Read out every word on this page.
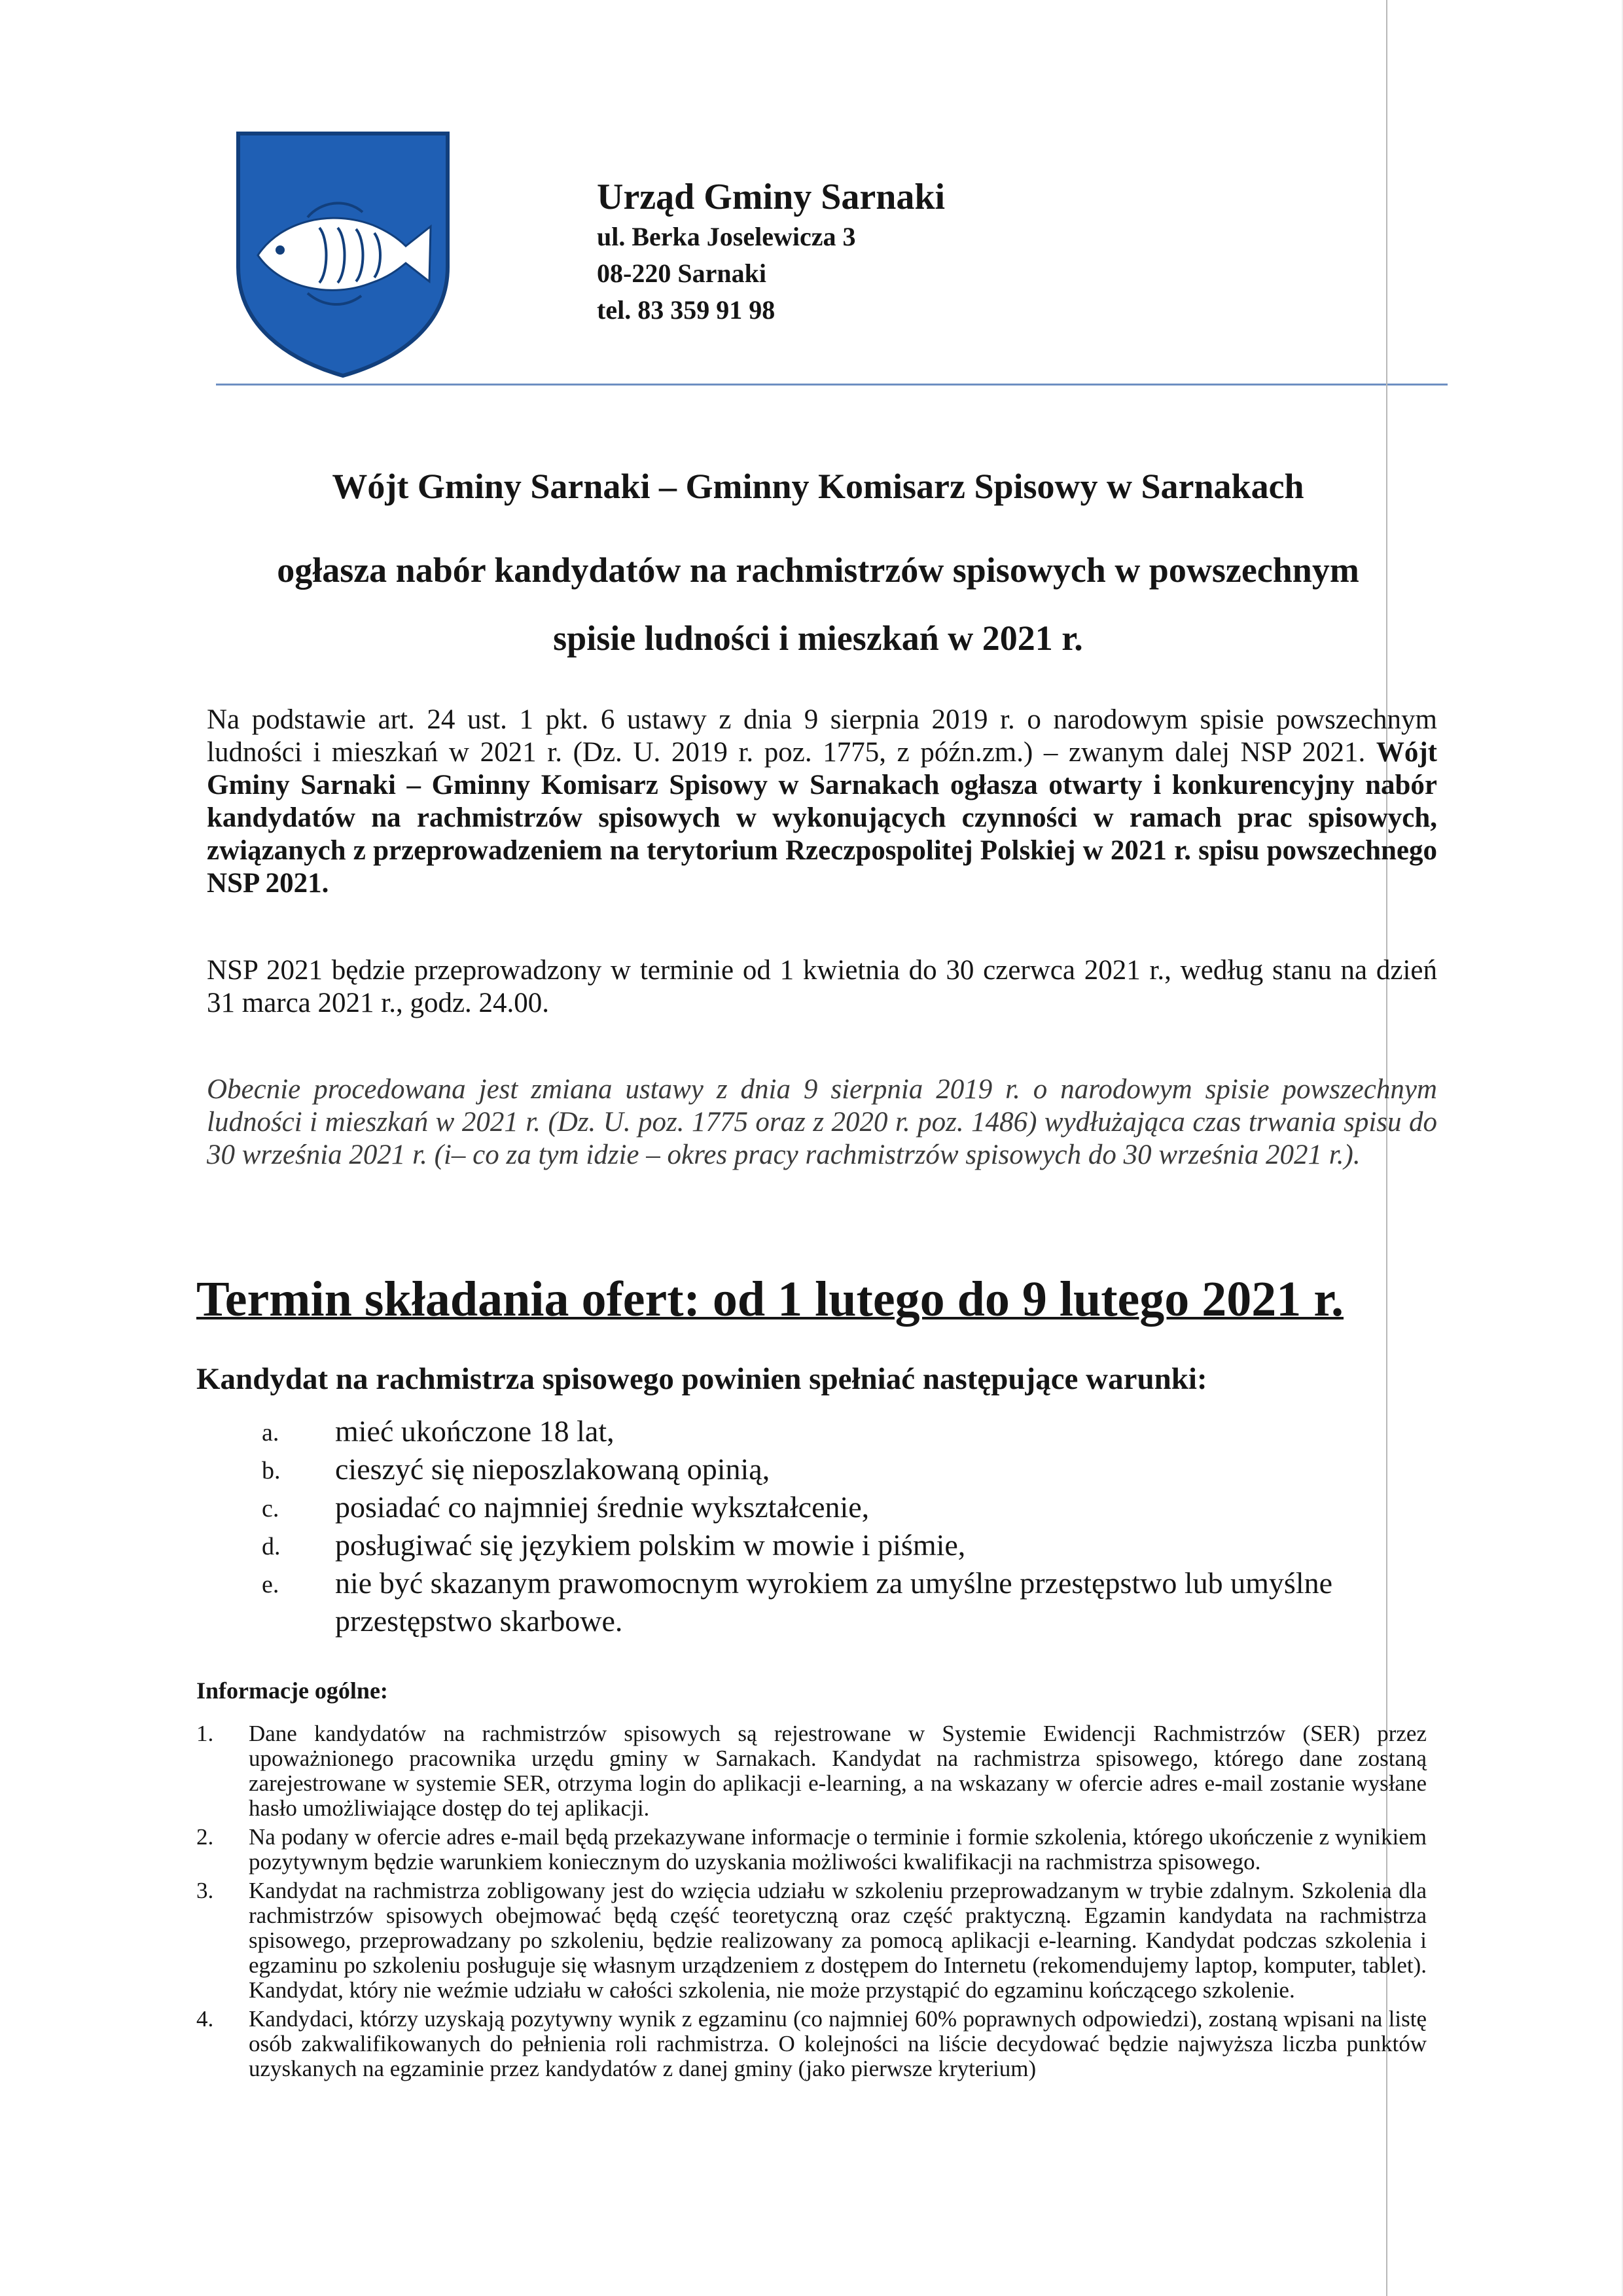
Urząd Gminy Sarnaki
ul. Berka Joselewicza 3
08-220 Sarnaki
tel. 83 359 91 98
Wójt Gminy Sarnaki – Gminny Komisarz Spisowy w Sarnakach
ogłasza nabór kandydatów na rachmistrzów spisowych w powszechnym
spisie ludności i mieszkań w 2021 r.
Na podstawie art. 24 ust. 1 pkt. 6 ustawy z dnia 9 sierpnia 2019 r. o narodowym spisie powszechnym ludności i mieszkań w 2021 r. (Dz. U. 2019 r. poz. 1775, z późn.zm.) – zwanym dalej NSP 2021. Wójt Gminy Sarnaki – Gminny Komisarz Spisowy w Sarnakach ogłasza otwarty i konkurencyjny nabór kandydatów na rachmistrzów spisowych w wykonujących czynności w ramach prac spisowych, związanych z przeprowadzeniem na terytorium Rzeczpospolitej Polskiej w 2021 r. spisu powszechnego NSP 2021.
NSP 2021 będzie przeprowadzony w terminie od 1 kwietnia do 30 czerwca 2021 r., według stanu na dzień 31 marca 2021 r., godz. 24.00.
Obecnie procedowana jest zmiana ustawy z dnia 9 sierpnia 2019 r. o narodowym spisie powszechnym ludności i mieszkań w 2021 r. (Dz. U. poz. 1775 oraz z 2020 r. poz. 1486) wydłużająca czas trwania spisu do 30 września 2021 r. (i– co za tym idzie – okres pracy rachmistrzów spisowych do 30 września 2021 r.).
Termin składania ofert: od 1 lutego do 9 lutego 2021 r.
Kandydat na rachmistrza spisowego powinien spełniać następujące warunki:
a. mieć ukończone 18 lat,
b. cieszyć się nieposzlakowaną opinią,
c. posiadać co najmniej średnie wykształcenie,
d. posługiwać się językiem polskim w mowie i piśmie,
e. nie być skazanym prawomocnym wyrokiem za umyślne przestępstwo lub umyślne przestępstwo skarbowe.
Informacje ogólne:
1. Dane kandydatów na rachmistrzów spisowych są rejestrowane w Systemie Ewidencji Rachmistrzów (SER) przez upoważnionego pracownika urzędu gminy w Sarnakach. Kandydat na rachmistrza spisowego, którego dane zostaną zarejestrowane w systemie SER, otrzyma login do aplikacji e-learning, a na wskazany w ofercie adres e-mail zostanie wysłane hasło umożliwiające dostęp do tej aplikacji.
2. Na podany w ofercie adres e-mail będą przekazywane informacje o terminie i formie szkolenia, którego ukończenie z wynikiem pozytywnym będzie warunkiem koniecznym do uzyskania możliwości kwalifikacji na rachmistrza spisowego.
3. Kandydat na rachmistrza zobligowany jest do wzięcia udziału w szkoleniu przeprowadzanym w trybie zdalnym. Szkolenia dla rachmistrzów spisowych obejmować będą część teoretyczną oraz część praktyczną. Egzamin kandydata na rachmistrza spisowego, przeprowadzany po szkoleniu, będzie realizowany za pomocą aplikacji e-learning. Kandydat podczas szkolenia i egzaminu po szkoleniu posługuje się własnym urządzeniem z dostępem do Internetu (rekomendujemy laptop, komputer, tablet). Kandydat, który nie weźmie udziału w całości szkolenia, nie może przystąpić do egzaminu kończącego szkolenie.
4. Kandydaci, którzy uzyskają pozytywny wynik z egzaminu (co najmniej 60% poprawnych odpowiedzi), zostaną wpisani na listę osób zakwalifikowanych do pełnienia roli rachmistrza. O kolejności na liście decydować będzie najwyższa liczba punktów uzyskanych na egzaminie przez kandydatów z danej gminy (jako pierwsze kryterium)
